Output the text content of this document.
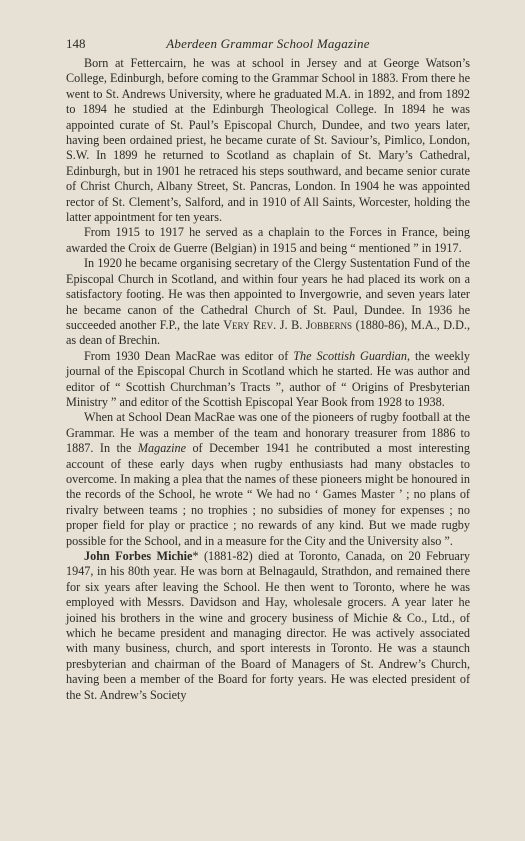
148	Aberdeen Grammar School Magazine

Born at Fettercairn, he was at school in Jersey and at George Watson’s College, Edinburgh, before coming to the Grammar School in 1883. From there he went to St. Andrews University, where he graduated M.A. in 1892, and from 1892 to 1894 he studied at the Edinburgh Theological College. In 1894 he was appointed curate of St. Paul’s Episcopal Church, Dundee, and two years later, having been ordained priest, he became curate of St. Saviour’s, Pimlico, London, S.W. In 1899 he returned to Scotland as chaplain of St. Mary’s Cathedral, Edinburgh, but in 1901 he retraced his steps southward, and became senior curate of Christ Church, Albany Street, St. Pancras, London. In 1904 he was appointed rector of St. Clement’s, Salford, and in 1910 of All Saints, Worcester, holding the latter appointment for ten years.

From 1915 to 1917 he served as a chaplain to the Forces in France, being awarded the Croix de Guerre (Belgian) in 1915 and being “ mentioned ” in 1917.

In 1920 he became organising secretary of the Clergy Sustentation Fund of the Episcopal Church in Scotland, and within four years he had placed its work on a satisfactory footing. He was then appointed to Invergowrie, and seven years later he became canon of the Cathedral Church of St. Paul, Dundee. In 1936 he succeeded another F.P., the late Very Rev. J. B. Jobberns (1880-86), M.A., D.D., as dean of Brechin.

From 1930 Dean MacRae was editor of The Scottish Guardian, the weekly journal of the Episcopal Church in Scotland which he started. He was author and editor of “ Scottish Churchman’s Tracts ”, author of “ Origins of Presbyterian Ministry ” and editor of the Scottish Episcopal Year Book from 1928 to 1938.

When at School Dean MacRae was one of the pioneers of rugby football at the Grammar. He was a member of the team and honorary treasurer from 1886 to 1887. In the Magazine of December 1941 he contributed a most interesting account of these early days when rugby enthusiasts had many obstacles to overcome. In making a plea that the names of these pioneers might be honoured in the records of the School, he wrote “ We had no ‘ Games Master ’ ; no plans of rivalry between teams ; no trophies ; no subsidies of money for expenses ; no proper field for play or practice ; no rewards of any kind. But we made rugby possible for the School, and in a measure for the City and the University also ”.

John Forbes Michie* (1881-82) died at Toronto, Canada, on 20 February 1947, in his 80th year. He was born at Belnagauld, Strathdon, and remained there for six years after leaving the School. He then went to Toronto, where he was employed with Messrs. Davidson and Hay, wholesale grocers. A year later he joined his brothers in the wine and grocery business of Michie & Co., Ltd., of which he became president and managing director. He was actively associated with many business, church, and sport interests in Toronto. He was a staunch presbyterian and chairman of the Board of Managers of St. Andrew’s Church, having been a member of the Board for forty years. He was elected president of the St. Andrew’s Society
